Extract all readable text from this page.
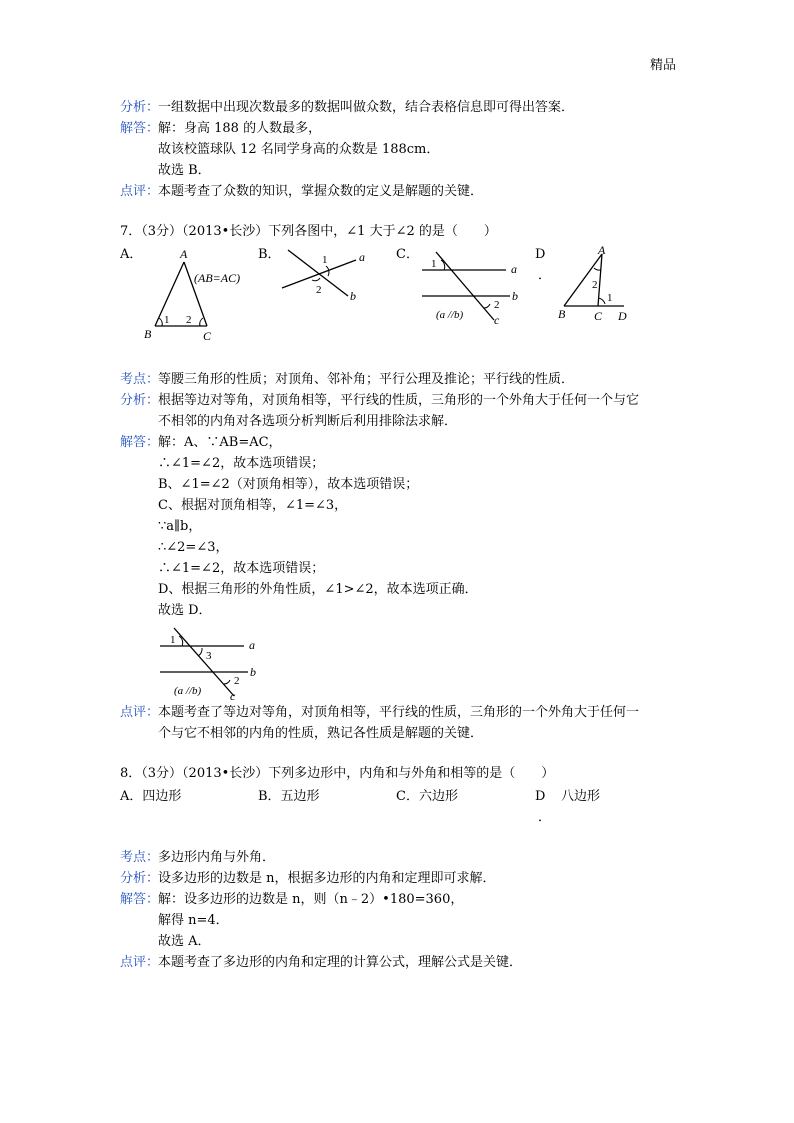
精品
分析：
一组数据中出现次数最多的数据叫做众数，结合表格信息即可得出答案．
解答：
解：身高 188 的人数最多，
故该校篮球队 12 名同学身高的众数是 188cm．
故选 B．
点评：
本题考查了众数的知识，掌握众数的定义是解题的关键．
7．（3分）（2013•长沙）下列各图中，∠1 大于∠2 的是（　　）
A．	B．	C．	D
．
A
(AB=AC)
B	C
1 2
1
2
a
b
1
2
a
b
c
(a //b)
A
2
1
B C D
考点：
等腰三角形的性质；对顶角、邻补角；平行公理及推论；平行线的性质．
分析：
根据等边对等角，对顶角相等，平行线的性质，三角形的一个外角大于任何一个与它
不相邻的内角对各选项分析判断后利用排除法求解．
解答：
解：A、∵AB=AC，
∴∠1=∠2，故本选项错误；
B、∠1=∠2（对顶角相等），故本选项错误；
C、根据对顶角相等，∠1=∠3，
∵a∥b，
∴∠2=∠3，
∴∠1=∠2，故本选项错误；
D、根据三角形的外角性质，∠1>∠2，故本选项正确．
故选 D．
1
3
2
a
b
c
(a //b)
点评：
本题考查了等边对等角，对顶角相等，平行线的性质，三角形的一个外角大于任何一
个与它不相邻的内角的性质，熟记各性质是解题的关键．
8．（3分）（2013•长沙）下列多边形中，内角和与外角和相等的是（　　）
A．四边形	B．五边形	C．六边形	D 八边形
．
考点：
多边形内角与外角．
分析：
设多边形的边数是 n，根据多边形的内角和定理即可求解．
解答：
解：设多边形的边数是 n，则（n﹣2）•180=360，
解得 n=4．
故选 A．
点评：
本题考查了多边形的内角和定理的计算公式，理解公式是关键．
